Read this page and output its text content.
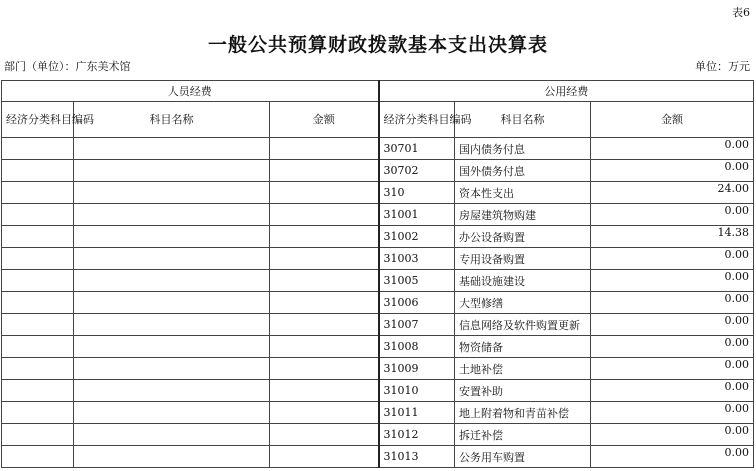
表6
一般公共预算财政拨款基本支出决算表
部门（单位）：广东美术馆	单位：万元
人员经费			公用经费		
经济分类科目编码	科目名称	金额	经济分类科目编码	科目名称	金额
			30701	国内债务付息	0.00
			30702	国外债务付息	0.00
			310	资本性支出	24.00
			31001	房屋建筑物购建	0.00
			31002	办公设备购置	14.38
			31003	专用设备购置	0.00
			31005	基础设施建设	0.00
			31006	大型修缮	0.00
			31007	信息网络及软件购置更新	0.00
			31008	物资储备	0.00
			31009	土地补偿	0.00
			31010	安置补助	0.00
			31011	地上附着物和青苗补偿	0.00
			31012	拆迁补偿	0.00
			31013	公务用车购置	0.00
